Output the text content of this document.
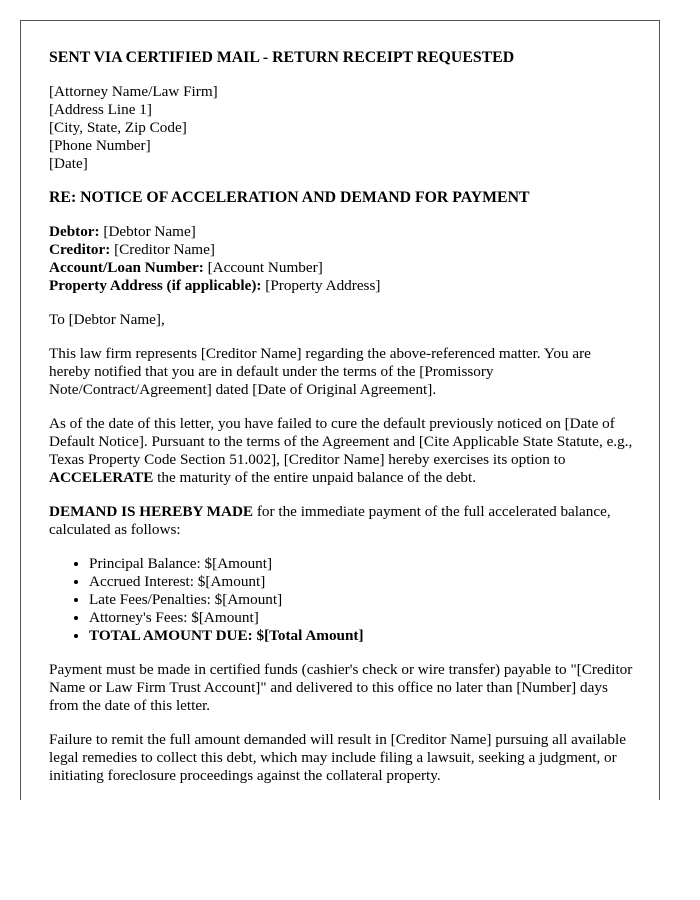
SENT VIA CERTIFIED MAIL - RETURN RECEIPT REQUESTED

[Attorney Name/Law Firm]

[Address Line 1]

[City, State, Zip Code]

[Phone Number]

[Date]

RE: NOTICE OF ACCELERATION AND DEMAND FOR PAYMENT

Debtor: [Debtor Name]

Creditor: [Creditor Name]

Account/Loan Number: [Account Number]

Property Address (if applicable): [Property Address]

To [Debtor Name],

This law firm represents [Creditor Name] regarding the above-referenced matter. You are hereby notified that you are in default under the terms of the [Promissory Note/Contract/Agreement] dated [Date of Original Agreement].

As of the date of this letter, you have failed to cure the default previously noticed on [Date of Default Notice]. Pursuant to the terms of the Agreement and [Cite Applicable State Statute, e.g., Texas Property Code Section 51.002], [Creditor Name] hereby exercises its option to ACCELERATE the maturity of the entire unpaid balance of the debt.

DEMAND IS HEREBY MADE for the immediate payment of the full accelerated balance, calculated as follows:

• Principal Balance: $[Amount]
• Accrued Interest: $[Amount]
• Late Fees/Penalties: $[Amount]
• Attorney's Fees: $[Amount]
• TOTAL AMOUNT DUE: $[Total Amount]

Payment must be made in certified funds (cashier's check or wire transfer) payable to "[Creditor Name or Law Firm Trust Account]" and delivered to this office no later than [Number] days from the date of this letter.

Failure to remit the full amount demanded will result in [Creditor Name] pursuing all available legal remedies to collect this debt, which may include filing a lawsuit, seeking a judgment, or initiating foreclosure proceedings against the collateral property.
